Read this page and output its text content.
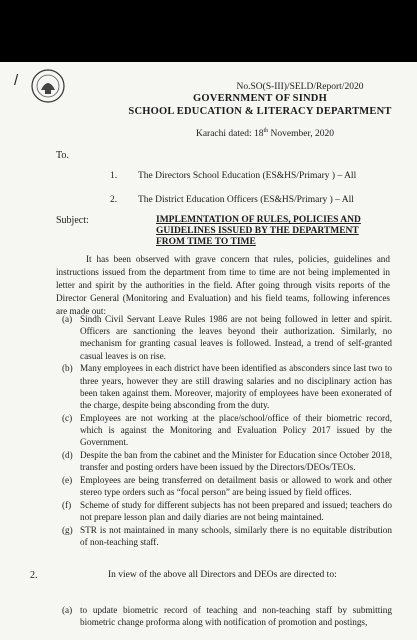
/	No.SO(S-III)/SELD/Report/2020
GOVERNMENT OF SINDH
SCHOOL EDUCATION & LITERACY DEPARTMENT
Karachi dated: 18th November, 2020
To.
1.	The Directors School Education (ES&HS/Primary ) – All
2.	The District Education Officers (ES&HS/Primary ) – All
Subject:	IMPLEMNTATION OF RULES, POLICIES AND GUIDELINES ISSUED BY THE DEPARTMENT FROM TIME TO TIME
It has been observed with grave concern that rules, policies, guidelines and instructions issued from the department from time to time are not being implemented in letter and spirit by the authorities in the field. After going through visits reports of the Director General (Monitoring and Evaluation) and his field teams, following inferences are made out:
(a) Sindh Civil Servant Leave Rules 1986 are not being followed in letter and spirit. Officers are sanctioning the leaves beyond their authorization. Similarly, no mechanism for granting casual leaves is followed. Instead, a trend of self-granted casual leaves is on rise.
(b) Many employees in each district have been identified as absconders since last two to three years, however they are still drawing salaries and no disciplinary action has been taken against them. Moreover, majority of employees have been exonerated of the charge, despite being absconding from the duty.
(c) Employees are not working at the place/school/office of their biometric record, which is against the Monitoring and Evaluation Policy 2017 issued by the Government.
(d) Despite the ban from the cabinet and the Minister for Education since October 2018, transfer and posting orders have been issued by the Directors/DEOs/TEOs.
(e) Employees are being transferred on detailment basis or allowed to work and other stereo type orders such as “focal person” are being issued by field offices.
(f) Scheme of study for different subjects has not been prepared and issued; teachers do not prepare lesson plan and daily diaries are not being maintained.
(g) STR is not maintained in many schools, similarly there is no equitable distribution of non-teaching staff.
2.	In view of the above all Directors and DEOs are directed to:
(a) to update biometric record of teaching and non-teaching staff by submitting biometric change proforma along with notification of promotion and postings,
